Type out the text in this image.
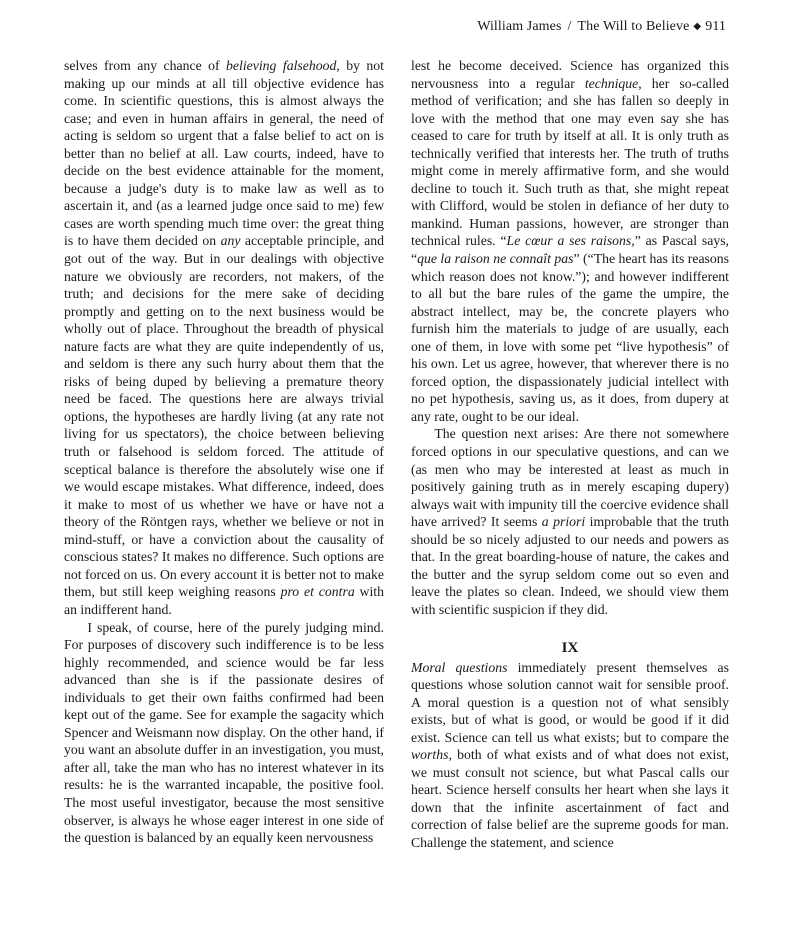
William James / The Will to Believe ◆ 911

selves from any chance of believing falsehood, by not making up our minds at all till objective evidence has come. In scientific questions, this is almost always the case; and even in human affairs in general, the need of acting is seldom so urgent that a false belief to act on is better than no belief at all. Law courts, indeed, have to decide on the best evidence attainable for the moment, because a judge's duty is to make law as well as to ascertain it, and (as a learned judge once said to me) few cases are worth spending much time over: the great thing is to have them decided on any acceptable principle, and got out of the way. But in our dealings with objective nature we obviously are recorders, not makers, of the truth; and decisions for the mere sake of deciding promptly and getting on to the next business would be wholly out of place. Throughout the breadth of physical nature facts are what they are quite independently of us, and seldom is there any such hurry about them that the risks of being duped by believing a premature theory need be faced. The questions here are always trivial options, the hypotheses are hardly living (at any rate not living for us spectators), the choice between believing truth or falsehood is seldom forced. The attitude of sceptical balance is therefore the absolutely wise one if we would escape mistakes. What difference, indeed, does it make to most of us whether we have or have not a theory of the Röntgen rays, whether we believe or not in mind-stuff, or have a conviction about the causality of conscious states? It makes no difference. Such options are not forced on us. On every account it is better not to make them, but still keep weighing reasons pro et contra with an indifferent hand.

I speak, of course, here of the purely judging mind. For purposes of discovery such indifference is to be less highly recommended, and science would be far less advanced than she is if the passionate desires of individuals to get their own faiths confirmed had been kept out of the game. See for example the sagacity which Spencer and Weismann now display. On the other hand, if you want an absolute duffer in an investigation, you must, after all, take the man who has no interest whatever in its results: he is the warranted incapable, the positive fool. The most useful investigator, because the most sensitive observer, is always he whose eager interest in one side of the question is balanced by an equally keen nervousness

lest he become deceived. Science has organized this nervousness into a regular technique, her so-called method of verification; and she has fallen so deeply in love with the method that one may even say she has ceased to care for truth by itself at all. It is only truth as technically verified that interests her. The truth of truths might come in merely affirmative form, and she would decline to touch it. Such truth as that, she might repeat with Clifford, would be stolen in defiance of her duty to mankind. Human passions, however, are stronger than technical rules. “Le cœur a ses raisons,” as Pascal says, “que la raison ne connaît pas” (“The heart has its reasons which reason does not know.”); and however indifferent to all but the bare rules of the game the umpire, the abstract intellect, may be, the concrete players who furnish him the materials to judge of are usually, each one of them, in love with some pet “live hypothesis” of his own. Let us agree, however, that wherever there is no forced option, the dispassionately judicial intellect with no pet hypothesis, saving us, as it does, from dupery at any rate, ought to be our ideal.

The question next arises: Are there not somewhere forced options in our speculative questions, and can we (as men who may be interested at least as much in positively gaining truth as in merely escaping dupery) always wait with impunity till the coercive evidence shall have arrived? It seems a priori improbable that the truth should be so nicely adjusted to our needs and powers as that. In the great boarding-house of nature, the cakes and the butter and the syrup seldom come out so even and leave the plates so clean. Indeed, we should view them with scientific suspicion if they did.

IX

Moral questions immediately present themselves as questions whose solution cannot wait for sensible proof. A moral question is a question not of what sensibly exists, but of what is good, or would be good if it did exist. Science can tell us what exists; but to compare the worths, both of what exists and of what does not exist, we must consult not science, but what Pascal calls our heart. Science herself consults her heart when she lays it down that the infinite ascertainment of fact and correction of false belief are the supreme goods for man. Challenge the statement, and science
